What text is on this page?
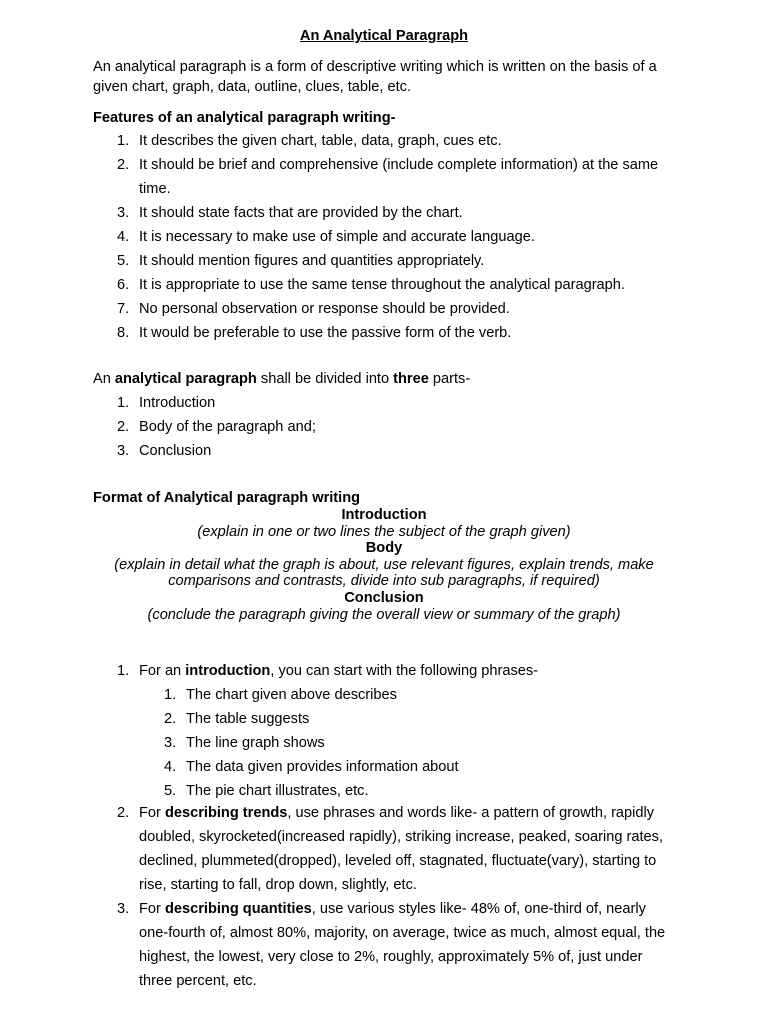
An Analytical Paragraph

An analytical paragraph is a form of descriptive writing which is written on the basis of a given chart, graph, data, outline, clues, table, etc.

Features of an analytical paragraph writing-

1. It describes the given chart, table, data, graph, cues etc.
2. It should be brief and comprehensive (include complete information) at the same time.
3. It should state facts that are provided by the chart.
4. It is necessary to make use of simple and accurate language.
5. It should mention figures and quantities appropriately.
6. It is appropriate to use the same tense throughout the analytical paragraph.
7. No personal observation or response should be provided.
8. It would be preferable to use the passive form of the verb.

An analytical paragraph shall be divided into three parts-

1. Introduction
2. Body of the paragraph and;
3. Conclusion

Format of Analytical paragraph writing

Introduction

(explain in one or two lines the subject of the graph given)

Body

(explain in detail what the graph is about, use relevant figures, explain trends, make

comparisons and contrasts, divide into sub paragraphs, if required)

Conclusion

(conclude the paragraph giving the overall view or summary of the graph)

1. For an introduction, you can start with the following phrases-
1. The chart given above describes
2. The table suggests
3. The line graph shows
4. The data given provides information about
5. The pie chart illustrates, etc.
2. For describing trends, use phrases and words like- a pattern of growth, rapidly doubled, skyrocketed(increased rapidly), striking increase, peaked, soaring rates, declined, plummeted(dropped), leveled off, stagnated, fluctuate(vary), starting to rise, starting to fall, drop down, slightly, etc.
3. For describing quantities, use various styles like- 48% of, one-third of, nearly one-fourth of, almost 80%, majority, on average, twice as much, almost equal, the highest, the lowest, very close to 2%, roughly, approximately 5% of, just under three percent, etc.
